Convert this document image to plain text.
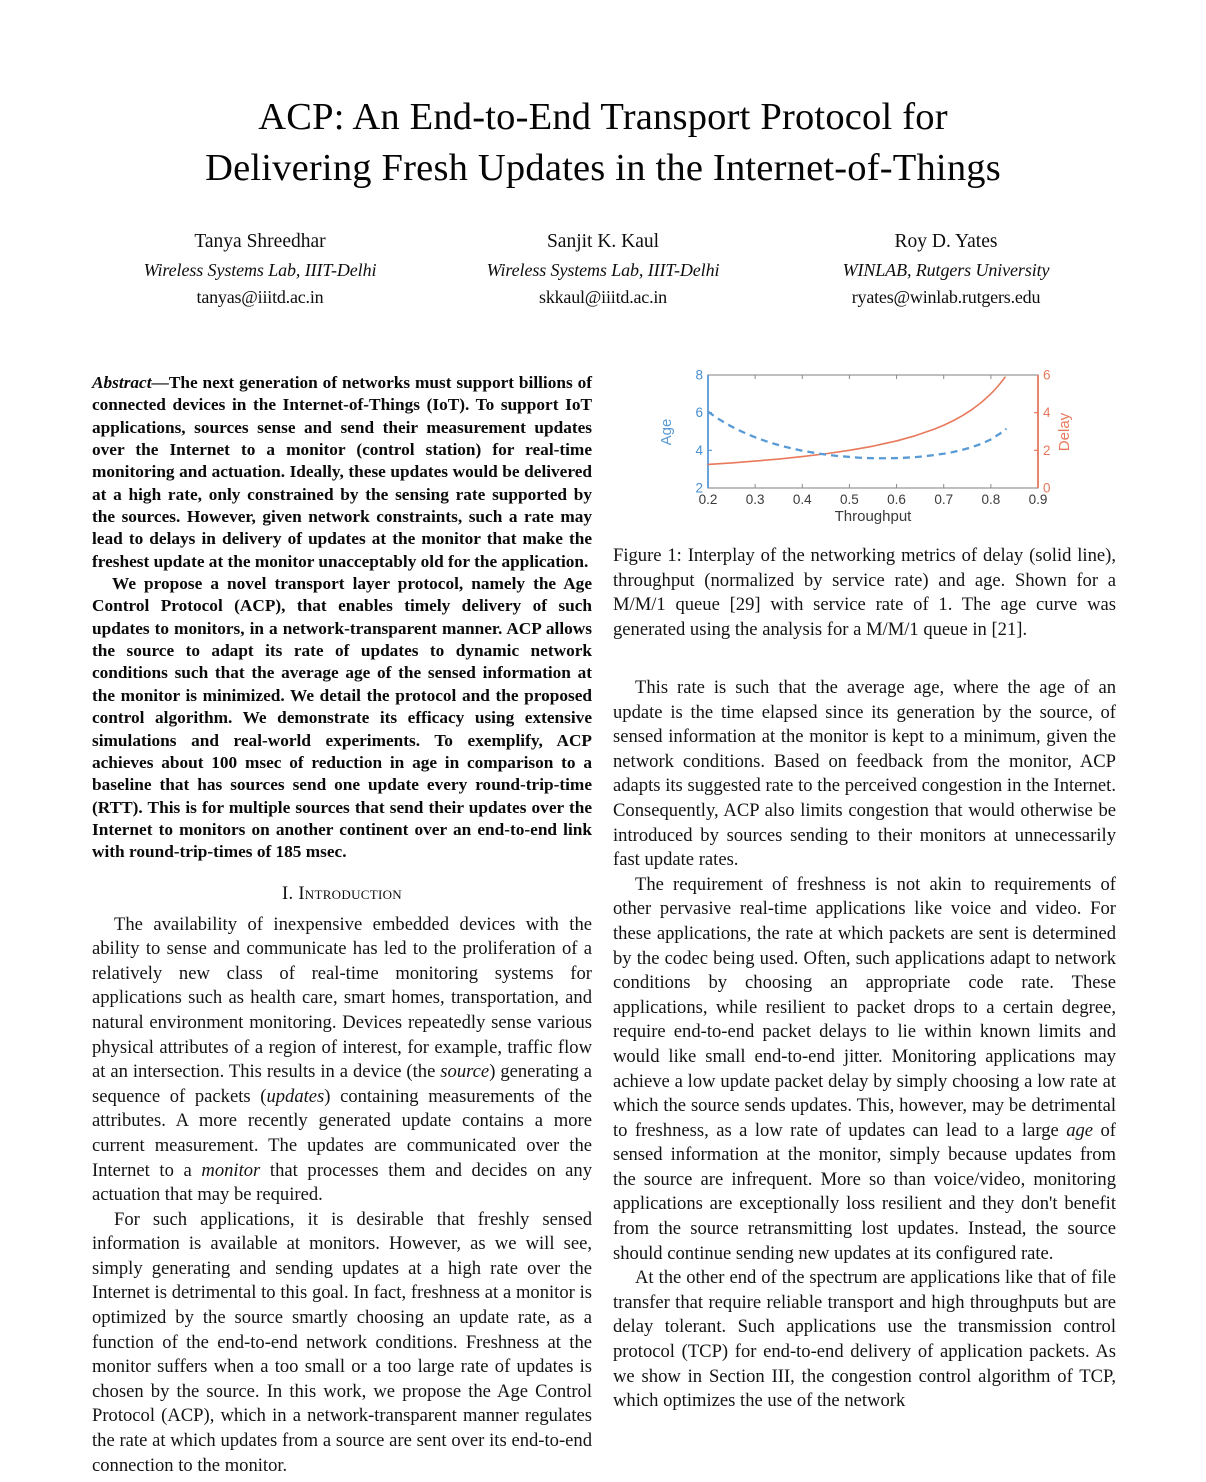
ACP: An End-to-End Transport Protocol for
Delivering Fresh Updates in the Internet-of-Things
Tanya Shreedhar
Wireless Systems Lab, IIIT-Delhi
tanyas@iiitd.ac.in
Sanjit K. Kaul
Wireless Systems Lab, IIIT-Delhi
skkaul@iiitd.ac.in
Roy D. Yates
WINLAB, Rutgers University
ryates@winlab.rutgers.edu

Abstract—The next generation of networks must support billions of connected devices in the Internet-of-Things (IoT). To support IoT applications, sources sense and send their measurement updates over the Internet to a monitor (control station) for real-time monitoring and actuation. Ideally, these updates would be delivered at a high rate, only constrained by the sensing rate supported by the sources. However, given network constraints, such a rate may lead to delays in delivery of updates at the monitor that make the freshest update at the monitor unacceptably old for the application.

We propose a novel transport layer protocol, namely the Age Control Protocol (ACP), that enables timely delivery of such updates to monitors, in a network-transparent manner. ACP allows the source to adapt its rate of updates to dynamic network conditions such that the average age of the sensed information at the monitor is minimized. We detail the protocol and the proposed control algorithm. We demonstrate its efficacy using extensive simulations and real-world experiments. To exemplify, ACP achieves about 100 msec of reduction in age in comparison to a baseline that has sources send one update every round-trip-time (RTT). This is for multiple sources that send their updates over the Internet to monitors on another continent over an end-to-end link with round-trip-times of 185 msec.

I. Introduction

The availability of inexpensive embedded devices with the ability to sense and communicate has led to the proliferation of a relatively new class of real-time monitoring systems for applications such as health care, smart homes, transportation, and natural environment monitoring. Devices repeatedly sense various physical attributes of a region of interest, for example, traffic flow at an intersection. This results in a device (the source) generating a sequence of packets (updates) containing measurements of the attributes. A more recently generated update contains a more current measurement. The updates are communicated over the Internet to a monitor that processes them and decides on any actuation that may be required.

For such applications, it is desirable that freshly sensed information is available at monitors. However, as we will see, simply generating and sending updates at a high rate over the Internet is detrimental to this goal. In fact, freshness at a monitor is optimized by the source smartly choosing an update rate, as a function of the end-to-end network conditions. Freshness at the monitor suffers when a too small or a too large rate of updates is chosen by the source. In this work, we propose the Age Control Protocol (ACP), which in a network-transparent manner regulates the rate at which updates from a source are sent over its end-to-end connection to the monitor.

0.2 0.3 0.4 0.5 0.6 0.7 0.8 0.9
2
4
6
8
0
2
4
6
Throughput
Age	Delay
Figure 1: Interplay of the networking metrics of delay (solid line), throughput (normalized by service rate) and age. Shown for a M/M/1 queue [29] with service rate of 1. The age curve was generated using the analysis for a M/M/1 queue in [21].

This rate is such that the average age, where the age of an update is the time elapsed since its generation by the source, of sensed information at the monitor is kept to a minimum, given the network conditions. Based on feedback from the monitor, ACP adapts its suggested rate to the perceived congestion in the Internet. Consequently, ACP also limits congestion that would otherwise be introduced by sources sending to their monitors at unnecessarily fast update rates.

The requirement of freshness is not akin to requirements of other pervasive real-time applications like voice and video. For these applications, the rate at which packets are sent is determined by the codec being used. Often, such applications adapt to network conditions by choosing an appropriate code rate. These applications, while resilient to packet drops to a certain degree, require end-to-end packet delays to lie within known limits and would like small end-to-end jitter. Monitoring applications may achieve a low update packet delay by simply choosing a low rate at which the source sends updates. This, however, may be detrimental to freshness, as a low rate of updates can lead to a large age of sensed information at the monitor, simply because updates from the source are infrequent. More so than voice/video, monitoring applications are exceptionally loss resilient and they don't benefit from the source retransmitting lost updates. Instead, the source should continue sending new updates at its configured rate.

At the other end of the spectrum are applications like that of file transfer that require reliable transport and high throughputs but are delay tolerant. Such applications use the transmission control protocol (TCP) for end-to-end delivery of application packets. As we show in Section III, the congestion control algorithm of TCP, which optimizes the use of the network
